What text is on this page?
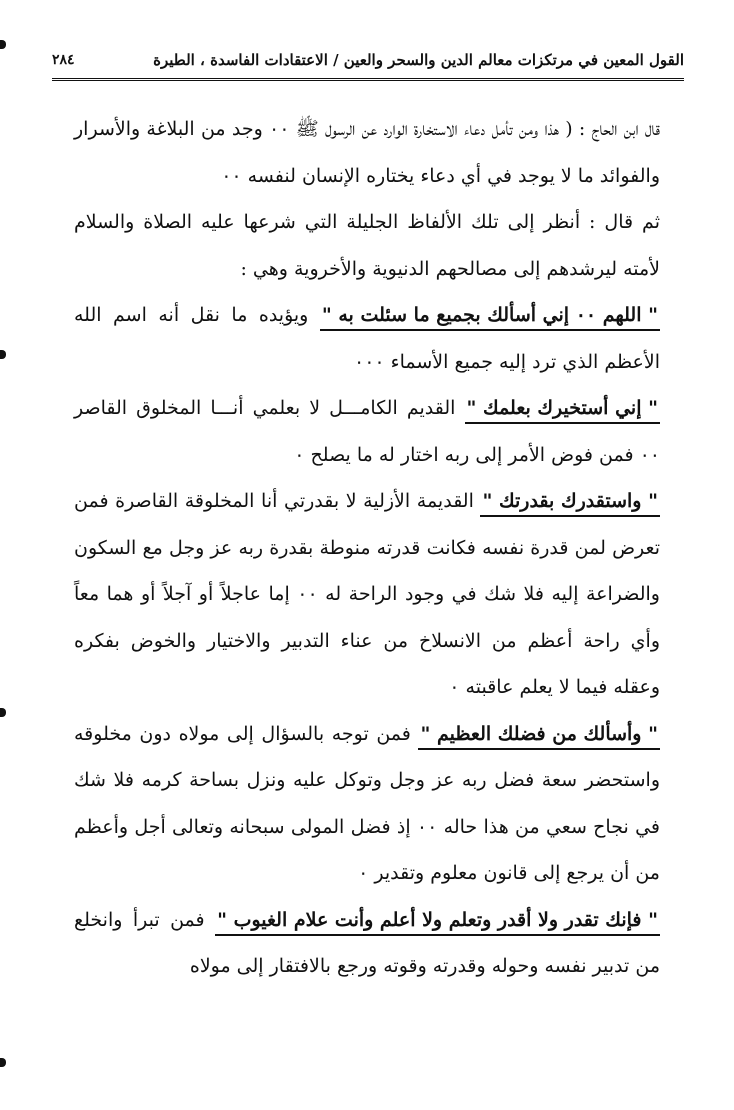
القول المعين في مرتكزات معالم الدين والسحر والعين / الاعتقادات الفاسدة ، الطيرة
٢٨٤

قال ابن الحاج : ( هذا ومن تأمل دعاء الاستخارة الوارد عن الرسول ﷺ ٠٠ وجد من البلاغة والأسرار والفوائد ما لا يوجد في أي دعاء يختاره الإنسان لنفسه ٠٠

ثم قال : أنظر إلى تلك الألفاظ الجليلة التي شرعها عليه الصلاة والسلام لأمته ليرشدهم إلى مصالحهم الدنيوية والأخروية وهي :

" اللهم ٠٠ إني أسألك بجميع ما سئلت به " ويؤيده ما نقل أنه اسم الله الأعظم الذي ترد إليه جميع الأسماء ٠٠٠

" إني أستخيرك بعلمك " القديم الكامـــل لا بعلمي أنـــا المخلوق القاصر ٠٠ فمن فوض الأمر إلى ربه اختار له ما يصلح ٠

" واستقدرك بقدرتك " القديمة الأزلية لا بقدرتي أنا المخلوقة القاصرة فمن تعرض لمن قدرة نفسه فكانت قدرته منوطة بقدرة ربه عز وجل مع السكون والضراعة إليه فلا شك في وجود الراحة له ٠٠ إما عاجلاً أو آجلاً أو هما معاً وأي راحة أعظم من الانسلاخ من عناء التدبير والاختيار والخوض بفكره وعقله فيما لا يعلم عاقبته ٠

" وأسألك من فضلك العظيم " فمن توجه بالسؤال إلى مولاه دون مخلوقه واستحضر سعة فضل ربه عز وجل وتوكل عليه ونزل بساحة كرمه فلا شك في نجاح سعي من هذا حاله ٠٠ إذ فضل المولى سبحانه وتعالى أجل وأعظم من أن يرجع إلى قانون معلوم وتقدير ٠

" فإنك تقدر ولا أقدر وتعلم ولا أعلم وأنت علام الغيوب " فمن تبرأ وانخلع من تدبير نفسه وحوله وقدرته وقوته ورجع بالافتقار إلى مولاه
